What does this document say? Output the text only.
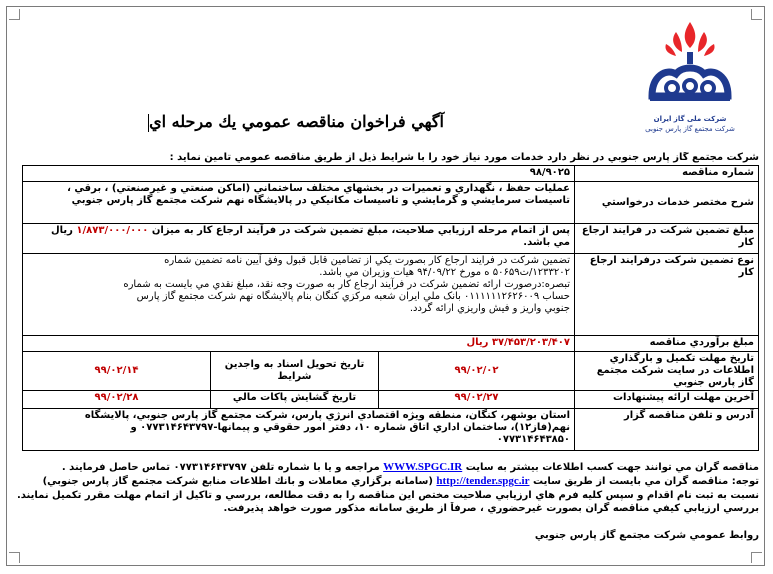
شرکت ملی گاز ایران
شرکت مجتمع گاز پارس جنوبی
آگهي فراخوان مناقصه عمومي يك مرحله اي
شرکت مجتمع گاز پارس جنوبي در نظر دارد خدمات مورد نياز خود را با شرايط ذيل از طريق مناقصه عمومي تامين نمايد :
شماره مناقصه	۹۸/۹۰۲۵		
شرح مختصر خدمات درخواستي	عمليات حفظ ، نگهداري و تعميرات در بخشهاي مختلف ساختماني (اماكن صنعتي و غيرصنعتي) ، برقي ،
تاسيسات سرمايشي و گرمايشي و تاسيسات مكانيكي در پالايشگاه نهم شركت مجتمع گاز پارس جنوبي		

مبلغ تضمين شرکت در فرايند ارجاع کار	پس از اتمام مرحله ارزيابي صلاحيت، مبلغ تضمين شرکت در فرآيند ارجاع کار به ميزان ۱/۸۷۳/۰۰۰/۰۰۰ ريال
مي باشد.		

نوع تضمين شرکت درفرايند ارجاع کار	تضمين شركت در فرايند ارجاع كار بصورت يكي از تضامين قابل قبول وفق آيين نامه تضمين شماره
۱۲۳۳۲۰۲/ت۵۰۶۵۹ ه مورخ ۹۴/۰۹/۲۲ هيات وزيران مي باشد.
تبصره:درصورت ارائه تضمين شرکت در فرآيند ارجاع کار به صورت وجه نقد، مبلغ نقدي مي بايست به شماره
حساب ۰۱۱۱۱۱۱۲۶۲۶۰۰۹ بانک ملي ايران شعبه مرکزي کنگان بنام پالايشگاه نهم شرکت مجتمع گاز پارس
جنوبي واريز و فيش واريزي ارائه گردد.		

مبلغ برآوردي مناقصه	۳۷/۴۵۳/۲۰۳/۴۰۷ ريال		
تاريخ مهلت تكميل و بارگذاري اطلاعات در سايت شركت مجتمع گاز پارس جنوبي	۹۹/۰۲/۰۲	تاريخ تحويل اسناد به واجدين شرايط	۹۹/۰۲/۱۴
آخرين مهلت ارائه پيشنهادات	۹۹/۰۲/۲۷	تاريخ گشايش پاكات مالي	۹۹/۰۲/۲۸
آدرس و تلفن مناقصه گزار	استان بوشهر، کنگان، منطقه ويژه اقتصادي انرژي پارس، شركت مجتمع گاز پارس جنوبي، پالايشگاه
نهم(فاز۱۲)، ساختمان اداري اتاق شماره ۱۰، دفتر امور حقوقي و پيمانها-۰۷۷۳۱۴۶۴۳۷۹۷ و
۰۷۷۳۱۴۶۴۳۸۵۰		
مناقصه گران مي توانند جهت كسب اطلاعات بيشتر به سايت WWW.SPGC.IR مراجعه و يا با شماره تلفن ۰۷۷۳۱۴۶۴۳۷۹۷ تماس حاصل فرمايند .
توجه: مناقصه گران مي بايست از طريق سايت http://tender.spgc.ir (سامانه برگزاري معاملات و بانك اطلاعات منابع شركت مجتمع گاز پارس جنوبي)
نسبت به ثبت نام اقدام و سپس كليه فرم هاي ارزيابي صلاحيت مختص اين مناقصه را به دقت مطالعه، بررسي و تاكيل از اتمام مهلت مقرر تكميل نمايند.
بررسي ارزيابي كيفي مناقصه گران بصورت غيرحضوري ، صرفاً از طريق سامانه مذكور صورت خواهد پذيرفت.
روابط عمومي شركت مجتمع گاز پارس جنوبي
